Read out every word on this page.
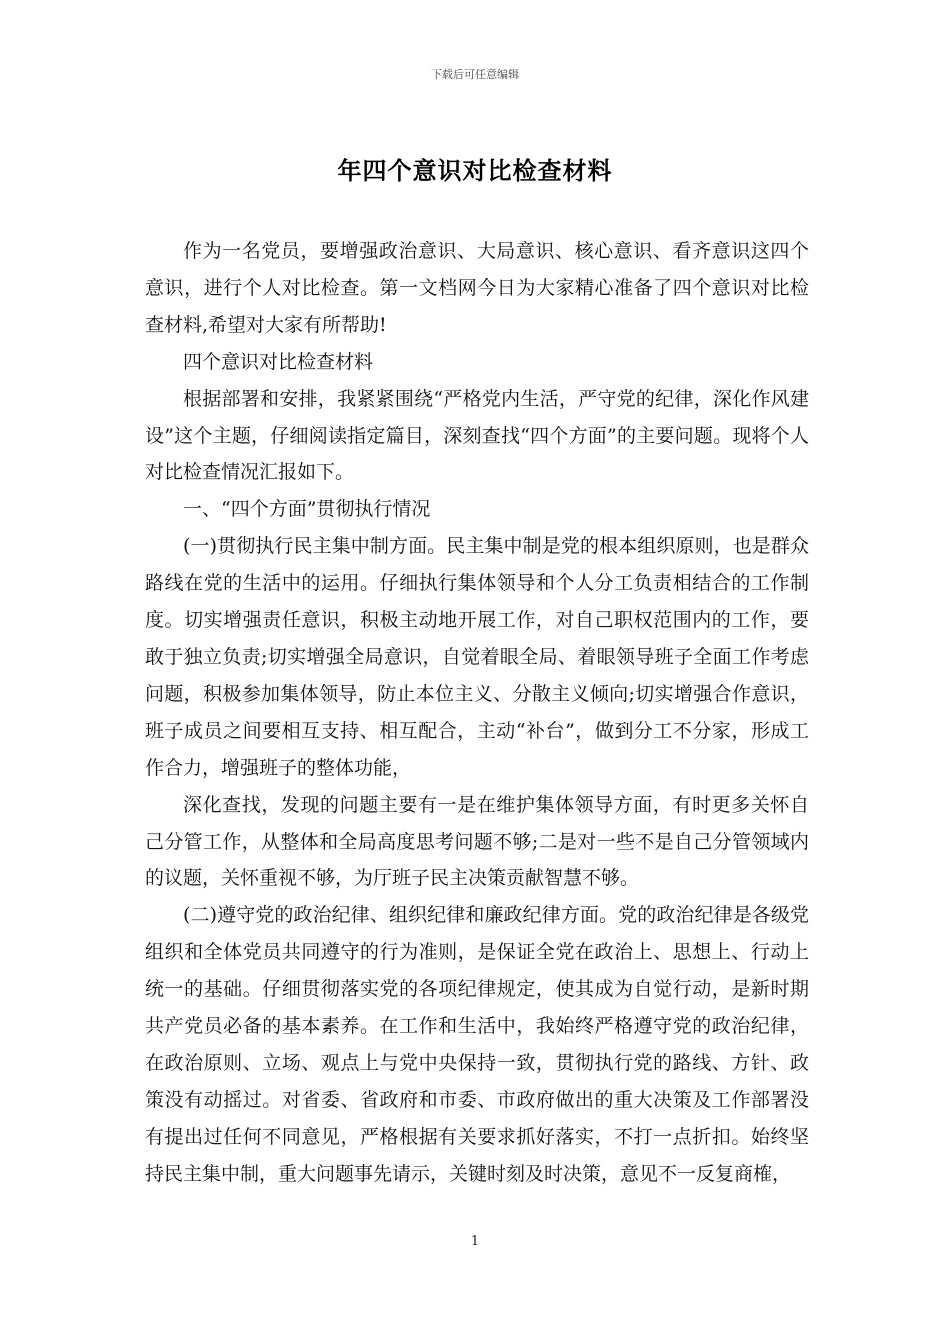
下载后可任意编辑
年四个意识对比检查材料

作为一名党员，要增强政治意识、大局意识、核心意识、看齐意识这四个意识，进行个人对比检查。第一文档网今日为大家精心准备了四个意识对比检查材料,希望对大家有所帮助!

四个意识对比检查材料

根据部署和安排，我紧紧围绕“严格党内生活，严守党的纪律，深化作风建设”这个主题，仔细阅读指定篇目，深刻查找“四个方面”的主要问题。现将个人对比检查情况汇报如下。

一、“四个方面”贯彻执行情况

(一)贯彻执行民主集中制方面。民主集中制是党的根本组织原则，也是群众路线在党的生活中的运用。仔细执行集体领导和个人分工负责相结合的工作制度。切实增强责任意识，积极主动地开展工作，对自己职权范围内的工作，要敢于独立负责;切实增强全局意识，自觉着眼全局、着眼领导班子全面工作考虑问题，积极参加集体领导，防止本位主义、分散主义倾向;切实增强合作意识，班子成员之间要相互支持、相互配合，主动“补台”，做到分工不分家，形成工作合力，增强班子的整体功能，

深化查找，发现的问题主要有一是在维护集体领导方面，有时更多关怀自己分管工作，从整体和全局高度思考问题不够;二是对一些不是自己分管领域内的议题，关怀重视不够，为厅班子民主决策贡献智慧不够。

(二)遵守党的政治纪律、组织纪律和廉政纪律方面。党的政治纪律是各级党组织和全体党员共同遵守的行为准则，是保证全党在政治上、思想上、行动上统一的基础。仔细贯彻落实党的各项纪律规定，使其成为自觉行动，是新时期共产党员必备的基本素养。在工作和生活中，我始终严格遵守党的政治纪律，在政治原则、立场、观点上与党中央保持一致，贯彻执行党的路线、方针、政策没有动摇过。对省委、省政府和市委、市政府做出的重大决策及工作部署没有提出过任何不同意见，严格根据有关要求抓好落实，不打一点折扣。始终坚持民主集中制，重大问题事先请示，关键时刻及时决策，意见不一反复商榷，

1
